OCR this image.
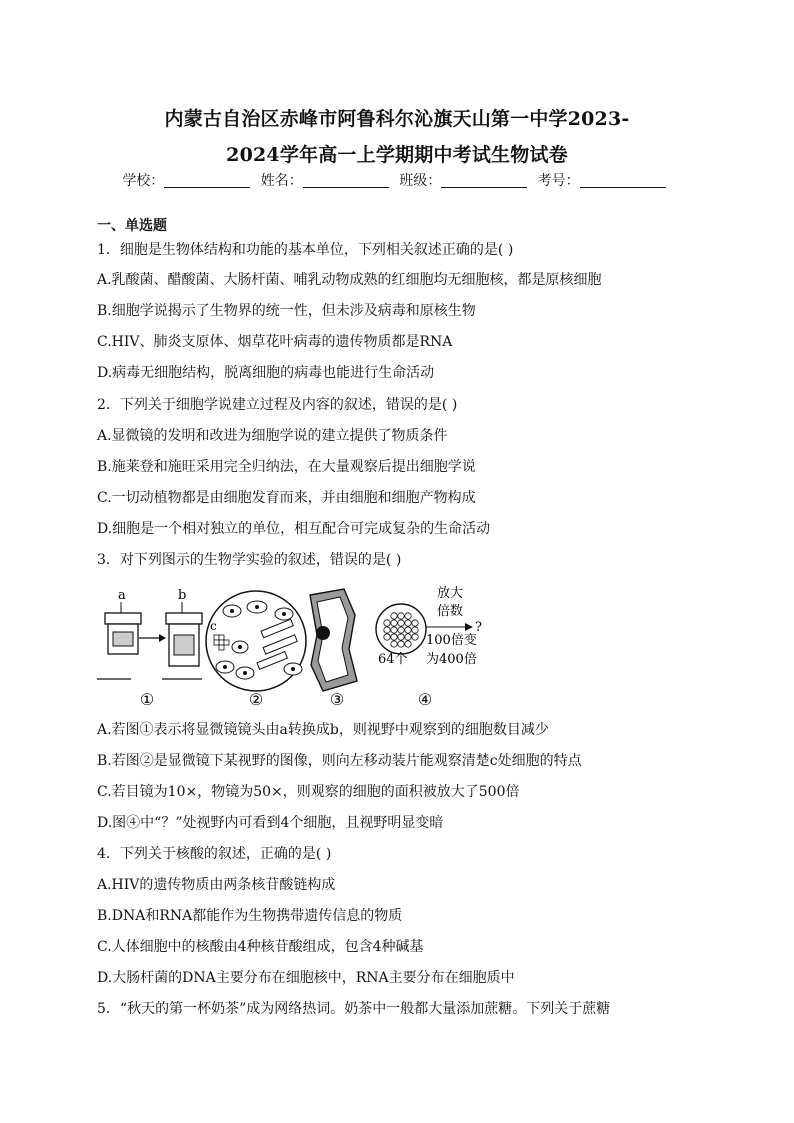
内蒙古自治区赤峰市阿鲁科尔沁旗天山第一中学2023-
2024学年高一上学期期中考试生物试卷
学校：	姓名：	班级：	考号：
一、单选题
1．细胞是生物体结构和功能的基本单位，下列相关叙述正确的是( )
A.乳酸菌、醋酸菌、大肠杆菌、哺乳动物成熟的红细胞均无细胞核，都是原核细胞
B.细胞学说揭示了生物界的统一性，但未涉及病毒和原核生物
C.HIV、肺炎支原体、烟草花叶病毒的遗传物质都是RNA
D.病毒无细胞结构，脱离细胞的病毒也能进行生命活动
2．下列关于细胞学说建立过程及内容的叙述，错误的是( )
A.显微镜的发明和改进为细胞学说的建立提供了物质条件
B.施莱登和施旺采用完全归纳法，在大量观察后提出细胞学说
C.一切动植物都是由细胞发育而来，并由细胞和细胞产物构成
D.细胞是一个相对独立的单位，相互配合可完成复杂的生命活动
3．对下列图示的生物学实验的叙述，错误的是( )
a	b
①
c
②	③
?
放大
倍数
100倍变
64个 为400倍
④
A.若图①表示将显微镜镜头由a转换成b，则视野中观察到的细胞数目减少
B.若图②是显微镜下某视野的图像，则向左移动装片能观察清楚c处细胞的特点
C.若目镜为10×，物镜为50×，则观察的细胞的面积被放大了500倍
D.图④中“？”处视野内可看到4个细胞，且视野明显变暗
4．下列关于核酸的叙述，正确的是( )
A.HIV的遗传物质由两条核苷酸链构成
B.DNA和RNA都能作为生物携带遗传信息的物质
C.人体细胞中的核酸由4种核苷酸组成，包含4种碱基
D.大肠杆菌的DNA主要分布在细胞核中，RNA主要分布在细胞质中
5．“秋天的第一杯奶茶”成为网络热词。奶茶中一般都大量添加蔗糖。下列关于蔗糖
